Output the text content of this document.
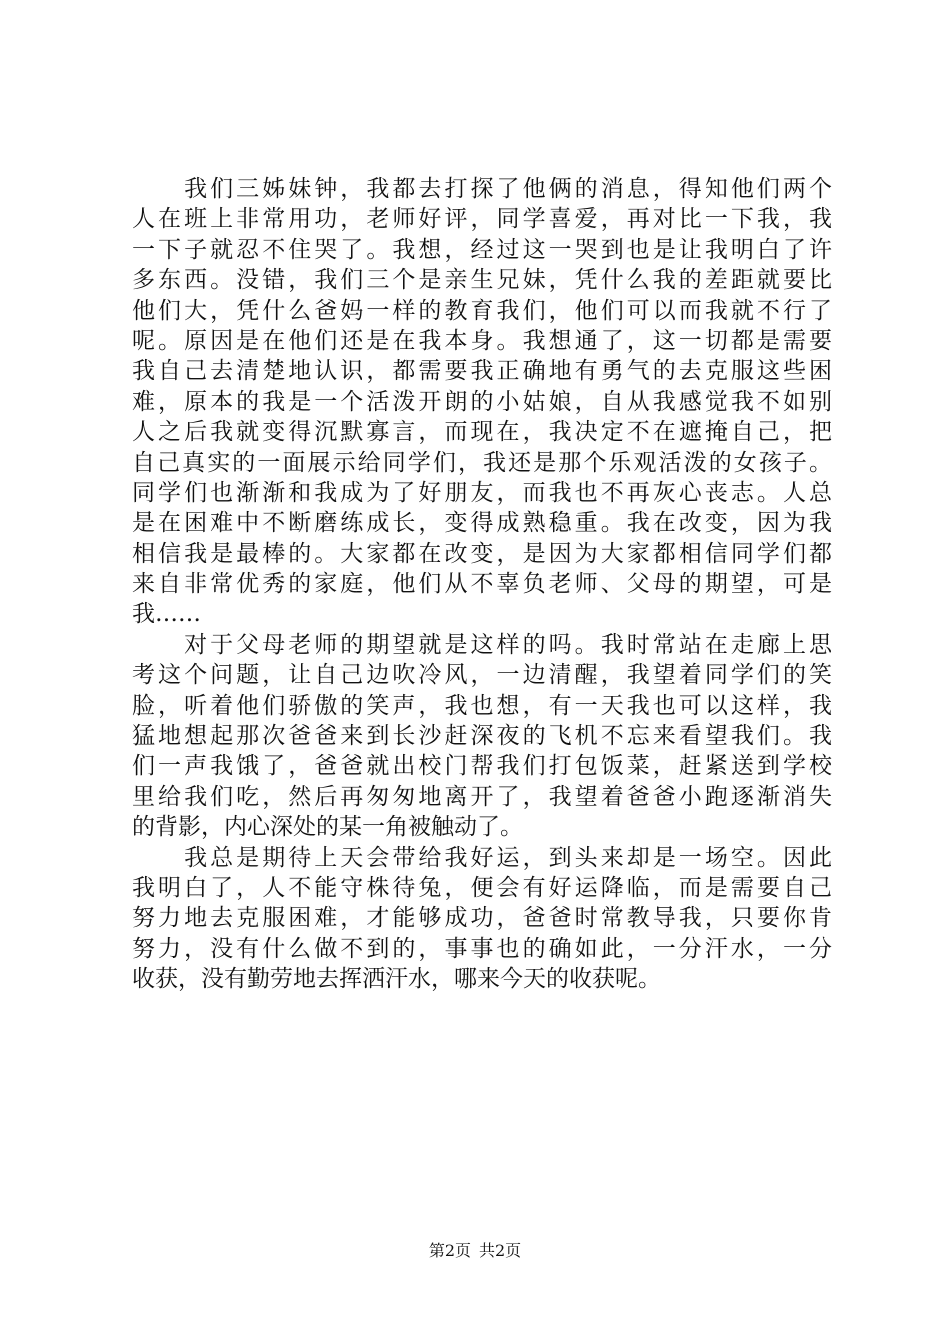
　　我们三姊妹钟，我都去打探了他俩的消息，得知他们两个
人在班上非常用功，老师好评，同学喜爱，再对比一下我，我
一下子就忍不住哭了。我想，经过这一哭到也是让我明白了许
多东西。没错，我们三个是亲生兄妹，凭什么我的差距就要比
他们大，凭什么爸妈一样的教育我们，他们可以而我就不行了
呢。原因是在他们还是在我本身。我想通了，这一切都是需要
我自己去清楚地认识，都需要我正确地有勇气的去克服这些困
难，原本的我是一个活泼开朗的小姑娘，自从我感觉我不如别
人之后我就变得沉默寡言，而现在，我决定不在遮掩自己，把
自己真实的一面展示给同学们，我还是那个乐观活泼的女孩子。
同学们也渐渐和我成为了好朋友，而我也不再灰心丧志。人总
是在困难中不断磨练成长，变得成熟稳重。我在改变，因为我
相信我是最棒的。大家都在改变，是因为大家都相信同学们都
来自非常优秀的家庭，他们从不辜负老师、父母的期望，可是
我……
　　对于父母老师的期望就是这样的吗。我时常站在走廊上思
考这个问题，让自己边吹冷风，一边清醒，我望着同学们的笑
脸，听着他们骄傲的笑声，我也想，有一天我也可以这样，我
猛地想起那次爸爸来到长沙赶深夜的飞机不忘来看望我们。我
们一声我饿了，爸爸就出校门帮我们打包饭菜，赶紧送到学校
里给我们吃，然后再匆匆地离开了，我望着爸爸小跑逐渐消失
的背影，内心深处的某一角被触动了。
　　我总是期待上天会带给我好运，到头来却是一场空。因此
我明白了，人不能守株待兔，便会有好运降临，而是需要自己
努力地去克服困难，才能够成功，爸爸时常教导我，只要你肯
努力，没有什么做不到的，事事也的确如此，一分汗水，一分
收获，没有勤劳地去挥洒汗水，哪来今天的收获呢。
第2页 共2页
